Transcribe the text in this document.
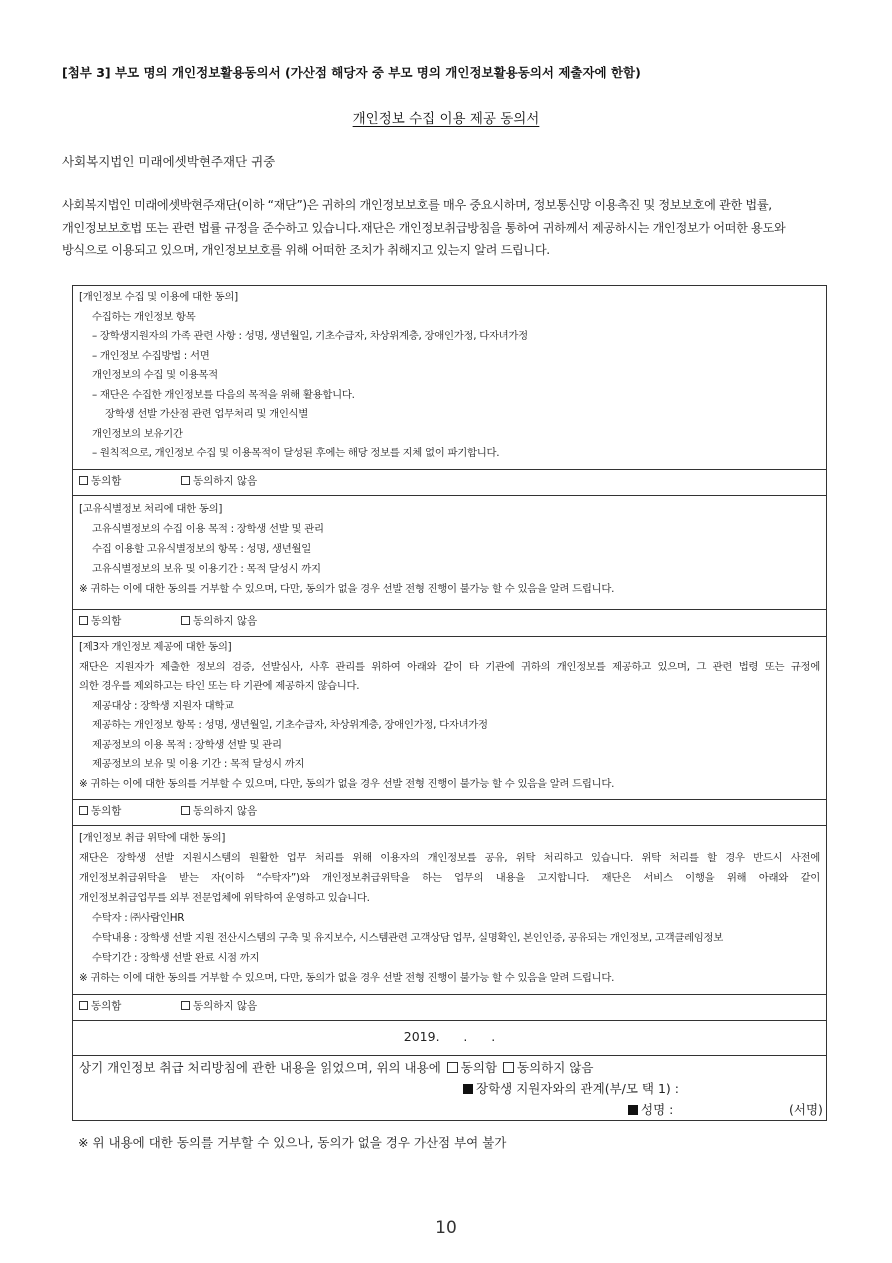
[첨부 3] 부모 명의 개인정보활용동의서 (가산점 해당자 중 부모 명의 개인정보활용동의서 제출자에 한함)
개인정보 수집 이용 제공 동의서
사회복지법인 미래에셋박현주재단 귀중
사회복지법인 미래에셋박현주재단(이하 “재단”)은 귀하의 개인정보보호를 매우 중요시하며, 정보통신망 이용촉진 및 정보보호에 관한 법률,
개인정보보호법 또는 관련 법률 규정을 준수하고 있습니다.재단은 개인정보취급방침을 통하여 귀하께서 제공하시는 개인정보가 어떠한 용도와
방식으로 이용되고 있으며, 개인정보보호를 위해 어떠한 조치가 취해지고 있는지 알려 드립니다.
[개인정보 수집 및 이용에 대한 동의]
수집하는 개인정보 항목
– 장학생지원자의 가족 관련 사항 : 성명, 생년월일, 기초수급자, 차상위계층, 장애인가정, 다자녀가정
– 개인정보 수집방법 : 서면
개인정보의 수집 및 이용목적
– 재단은 수집한 개인정보를 다음의 목적을 위해 활용합니다.
장학생 선발 가산점 관련 업무처리 및 개인식별
개인정보의 보유기간
– 원칙적으로, 개인정보 수집 및 이용목적이 달성된 후에는 해당 정보를 지체 없이 파기합니다.
동의함	동의하지 않음
[고유식별정보 처리에 대한 동의]
고유식별정보의 수집 이용 목적 : 장학생 선발 및 관리
수집 이용할 고유식별정보의 항목 : 성명, 생년월일
고유식별정보의 보유 및 이용기간 : 목적 달성시 까지
※ 귀하는 이에 대한 동의를 거부할 수 있으며, 다만, 동의가 없을 경우 선발 전형 진행이 불가능 할 수 있음을 알려 드립니다.
동의함	동의하지 않음
[제3자 개인정보 제공에 대한 동의]
재단은 지원자가 제출한 정보의 검증, 선발심사, 사후 관리를 위하여 아래와 같이 타 기관에 귀하의 개인정보를 제공하고 있으며, 그 관련 법령 또는 규정에
의한 경우를 제외하고는 타인 또는 타 기관에 제공하지 않습니다.
제공대상 : 장학생 지원자 대학교
제공하는 개인정보 항목 : 성명, 생년월일, 기초수급자, 차상위계층, 장애인가정, 다자녀가정
제공정보의 이용 목적 : 장학생 선발 및 관리
제공정보의 보유 및 이용 기간 : 목적 달성시 까지
※ 귀하는 이에 대한 동의를 거부할 수 있으며, 다만, 동의가 없을 경우 선발 전형 진행이 불가능 할 수 있음을 알려 드립니다.
동의함	동의하지 않음
[개인정보 취급 위탁에 대한 동의]
재단은 장학생 선발 지원시스템의 원활한 업무 처리를 위해 이용자의 개인정보를 공유, 위탁 처리하고 있습니다. 위탁 처리를 할 경우 반드시 사전에
개인정보취급위탁을 받는 자(이하 “수탁자”)와 개인정보취급위탁을 하는 업무의 내용을 고지합니다. 재단은 서비스 이행을 위해 아래와 같이
개인정보취급업무를 외부 전문업체에 위탁하여 운영하고 있습니다.
수탁자 : ㈜사람인HR
수탁내용 : 장학생 선발 지원 전산시스템의 구축 및 유지보수, 시스템관련 고객상담 업무, 실명확인, 본인인증, 공유되는 개인정보, 고객클레임정보
수탁기간 : 장학생 선발 완료 시점 까지
※ 귀하는 이에 대한 동의를 거부할 수 있으며, 다만, 동의가 없을 경우 선발 전형 진행이 불가능 할 수 있음을 알려 드립니다.
동의함	동의하지 않음
2019.      .      .
상기 개인정보 취급 처리방침에 관한 내용을 읽었으며, 위의 내용에 동의함 동의하지 않음
장학생 지원자와의 관계(부/모 택 1) :
성명 :	(서명)
※ 위 내용에 대한 동의를 거부할 수 있으나, 동의가 없을 경우 가산점 부여 불가
10
